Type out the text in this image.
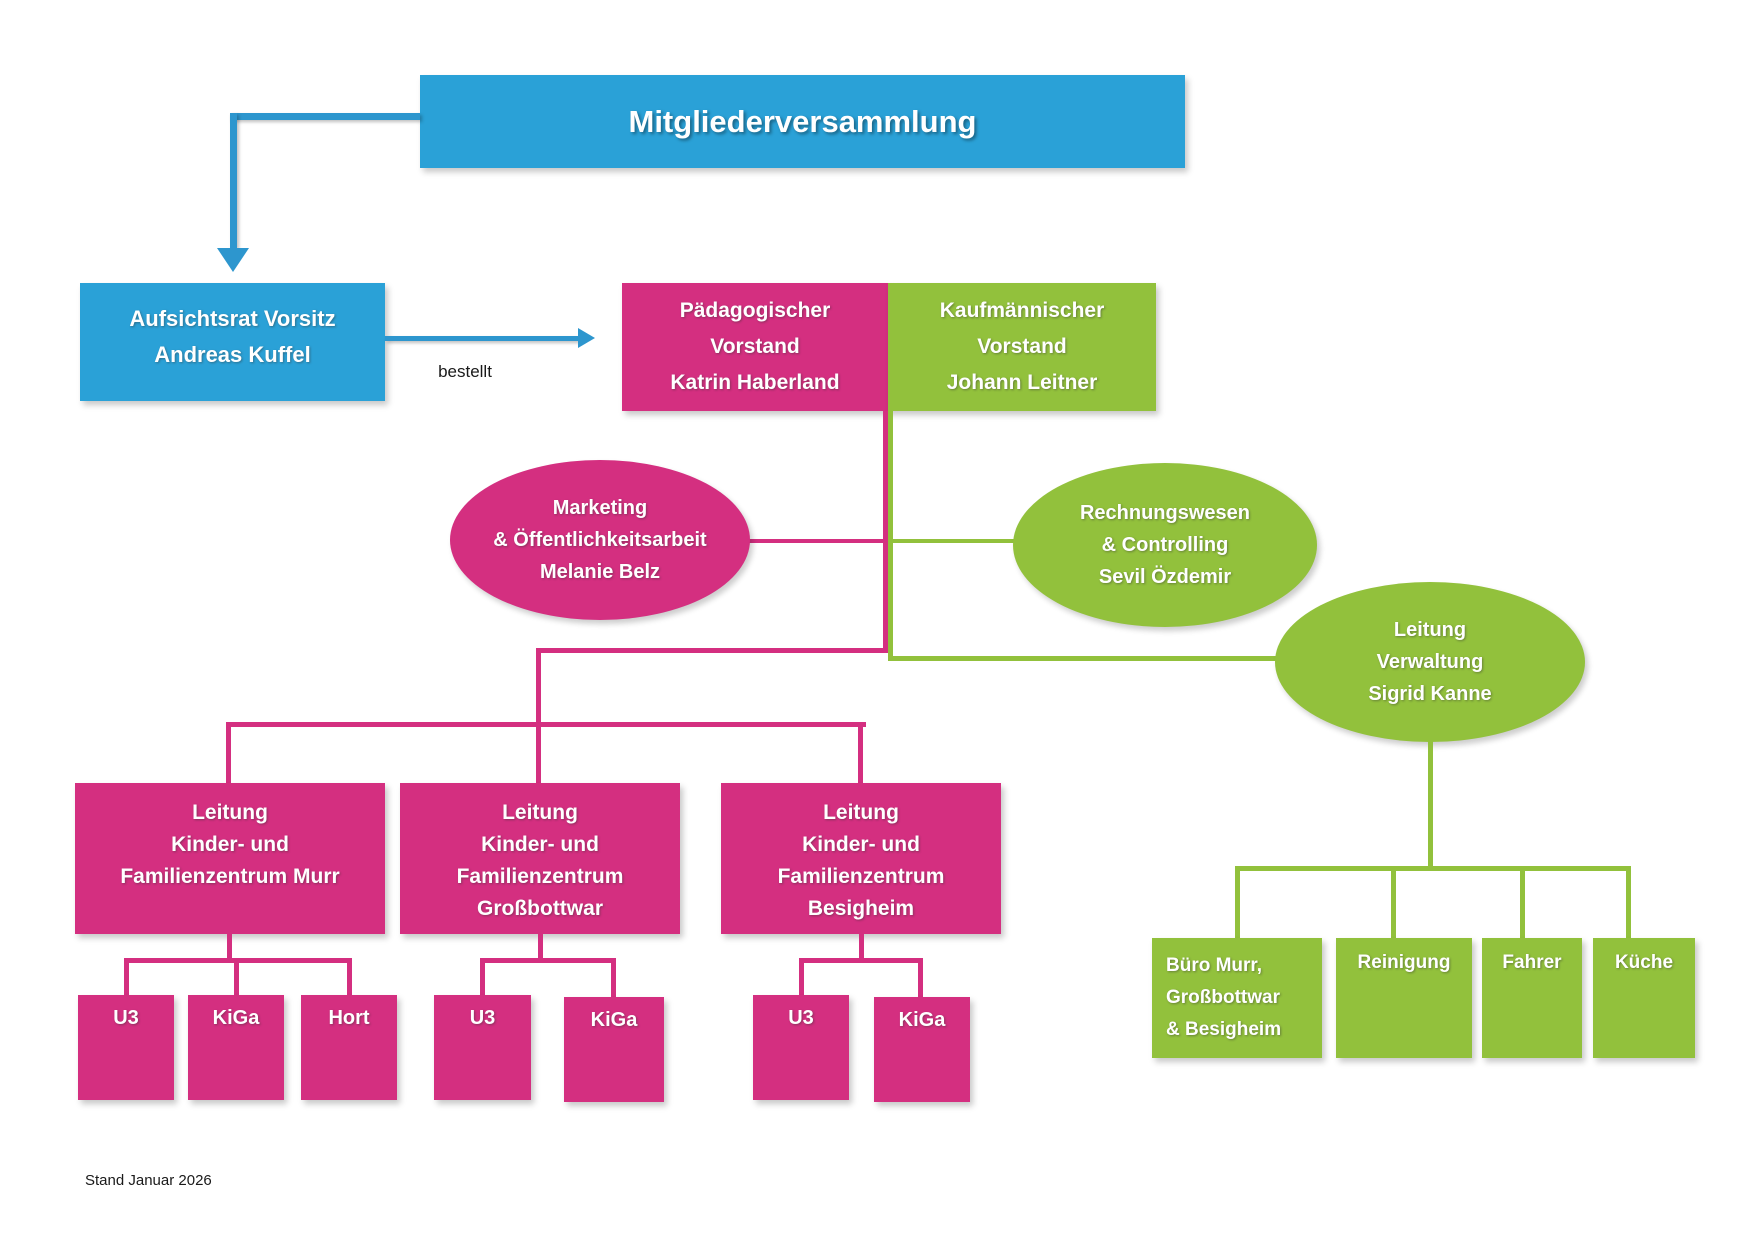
Mitgliederversammlung
Aufsichtsrat Vorsitz
Andreas Kuffel
bestellt
Pädagogischer
Vorstand
Katrin Haberland
Kaufmännischer
Vorstand
Johann Leitner
Marketing
& Öffentlichkeitsarbeit
Melanie Belz
Rechnungswesen
& Controlling
Sevil Özdemir
Leitung
Verwaltung
Sigrid Kanne
Leitung
Kinder- und
Familienzentrum Murr
Leitung
Kinder- und
Familienzentrum
Großbottwar
Leitung
Kinder- und
Familienzentrum
Besigheim
U3	KiGa	Hort	U3	KiGa	U3	KiGa
Büro Murr,
Großbottwar
& Besigheim
Reinigung	Fahrer	Küche
Stand Januar 2026
